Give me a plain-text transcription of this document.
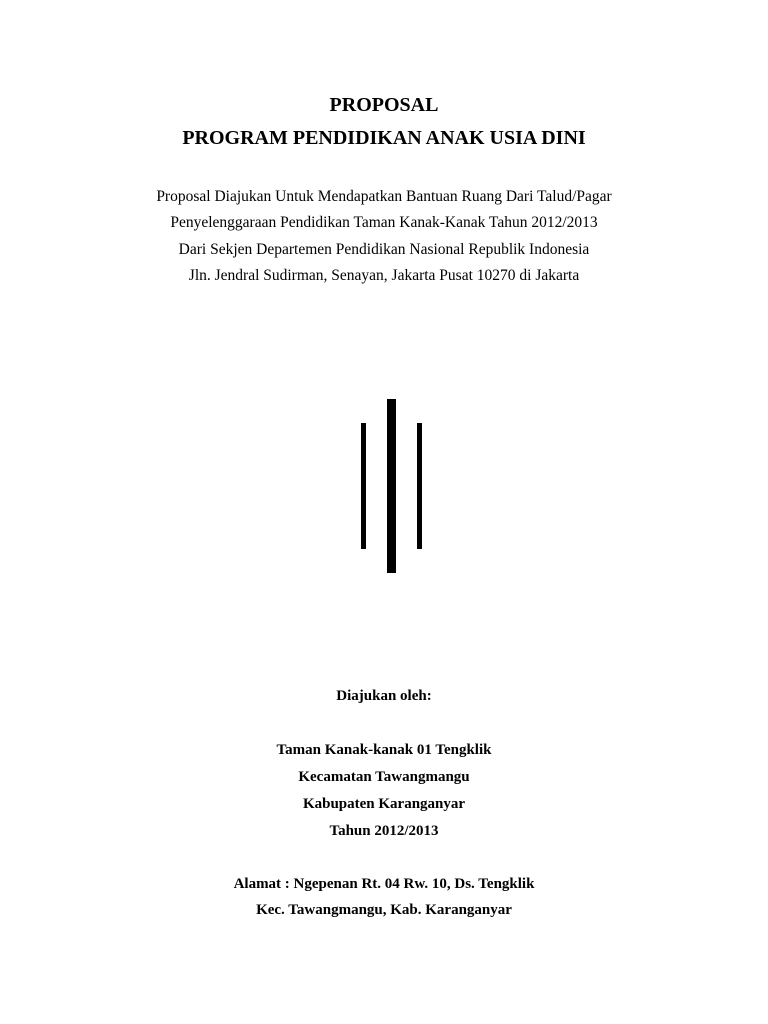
PROPOSAL
PROGRAM PENDIDIKAN ANAK USIA DINI
Proposal Diajukan Untuk Mendapatkan Bantuan Ruang Dari Talud/Pagar
Penyelenggaraan Pendidikan Taman Kanak-Kanak Tahun 2012/2013
Dari Sekjen Departemen Pendidikan Nasional Republik Indonesia
Jln. Jendral Sudirman, Senayan, Jakarta Pusat 10270 di Jakarta
Diajukan oleh:
Taman Kanak-kanak 01 Tengklik
Kecamatan Tawangmangu
Kabupaten Karanganyar
Tahun 2012/2013
Alamat : Ngepenan Rt. 04 Rw. 10, Ds. Tengklik
Kec. Tawangmangu, Kab. Karanganyar
